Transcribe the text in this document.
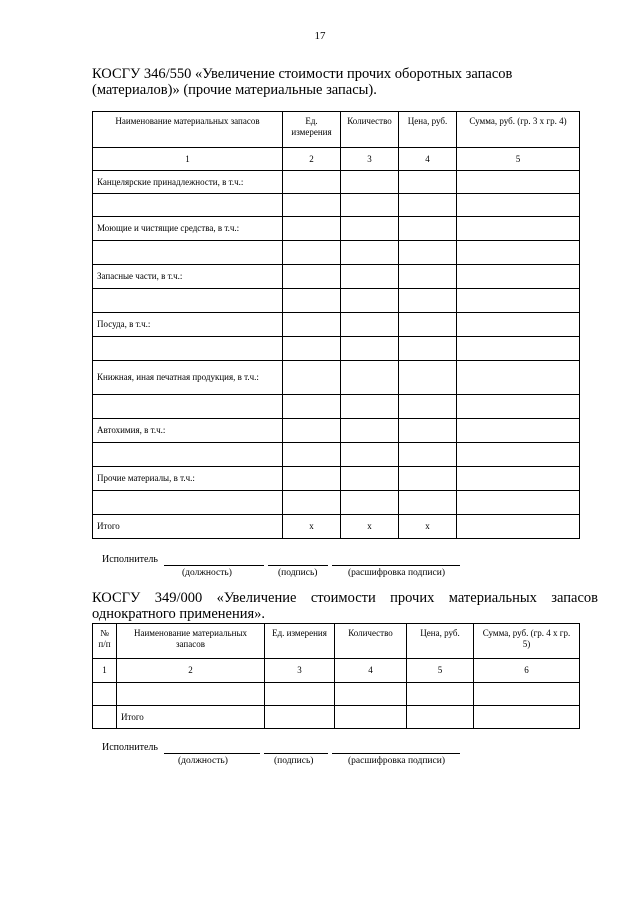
17
КОСГУ 346/550 «Увеличение стоимости прочих оборотных запасов (материалов)» (прочие материальные запасы).
Наименование материальных запасов	Ед. измерения	Количество	Цена, руб.	Сумма, руб. (гр. 3 х гр. 4)
1	2	3	4	5
Канцелярские принадлежности, в т.ч.:				

Моющие и чистящие средства, в т.ч.:				

Запасные части, в т.ч.:				

Посуда, в т.ч.:				

Книжная, иная печатная продукция, в т.ч.:				

Автохимия, в т.ч.:				

Прочие материалы, в т.ч.:				

Итого	х	х	х	
Исполнитель
(должность)	(подпись)	(расшифровка подписи)
КОСГУ 349/000 «Увеличение стоимости прочих материальных запасов однократного применения».
№ п/п	Наименование материальных запасов	Ед. измерения	Количество	Цена, руб.	Сумма, руб. (гр. 4 х гр. 5)
1	2	3	4	5	6

	Итого				
Исполнитель
(должность)	(подпись)	(расшифровка подписи)
